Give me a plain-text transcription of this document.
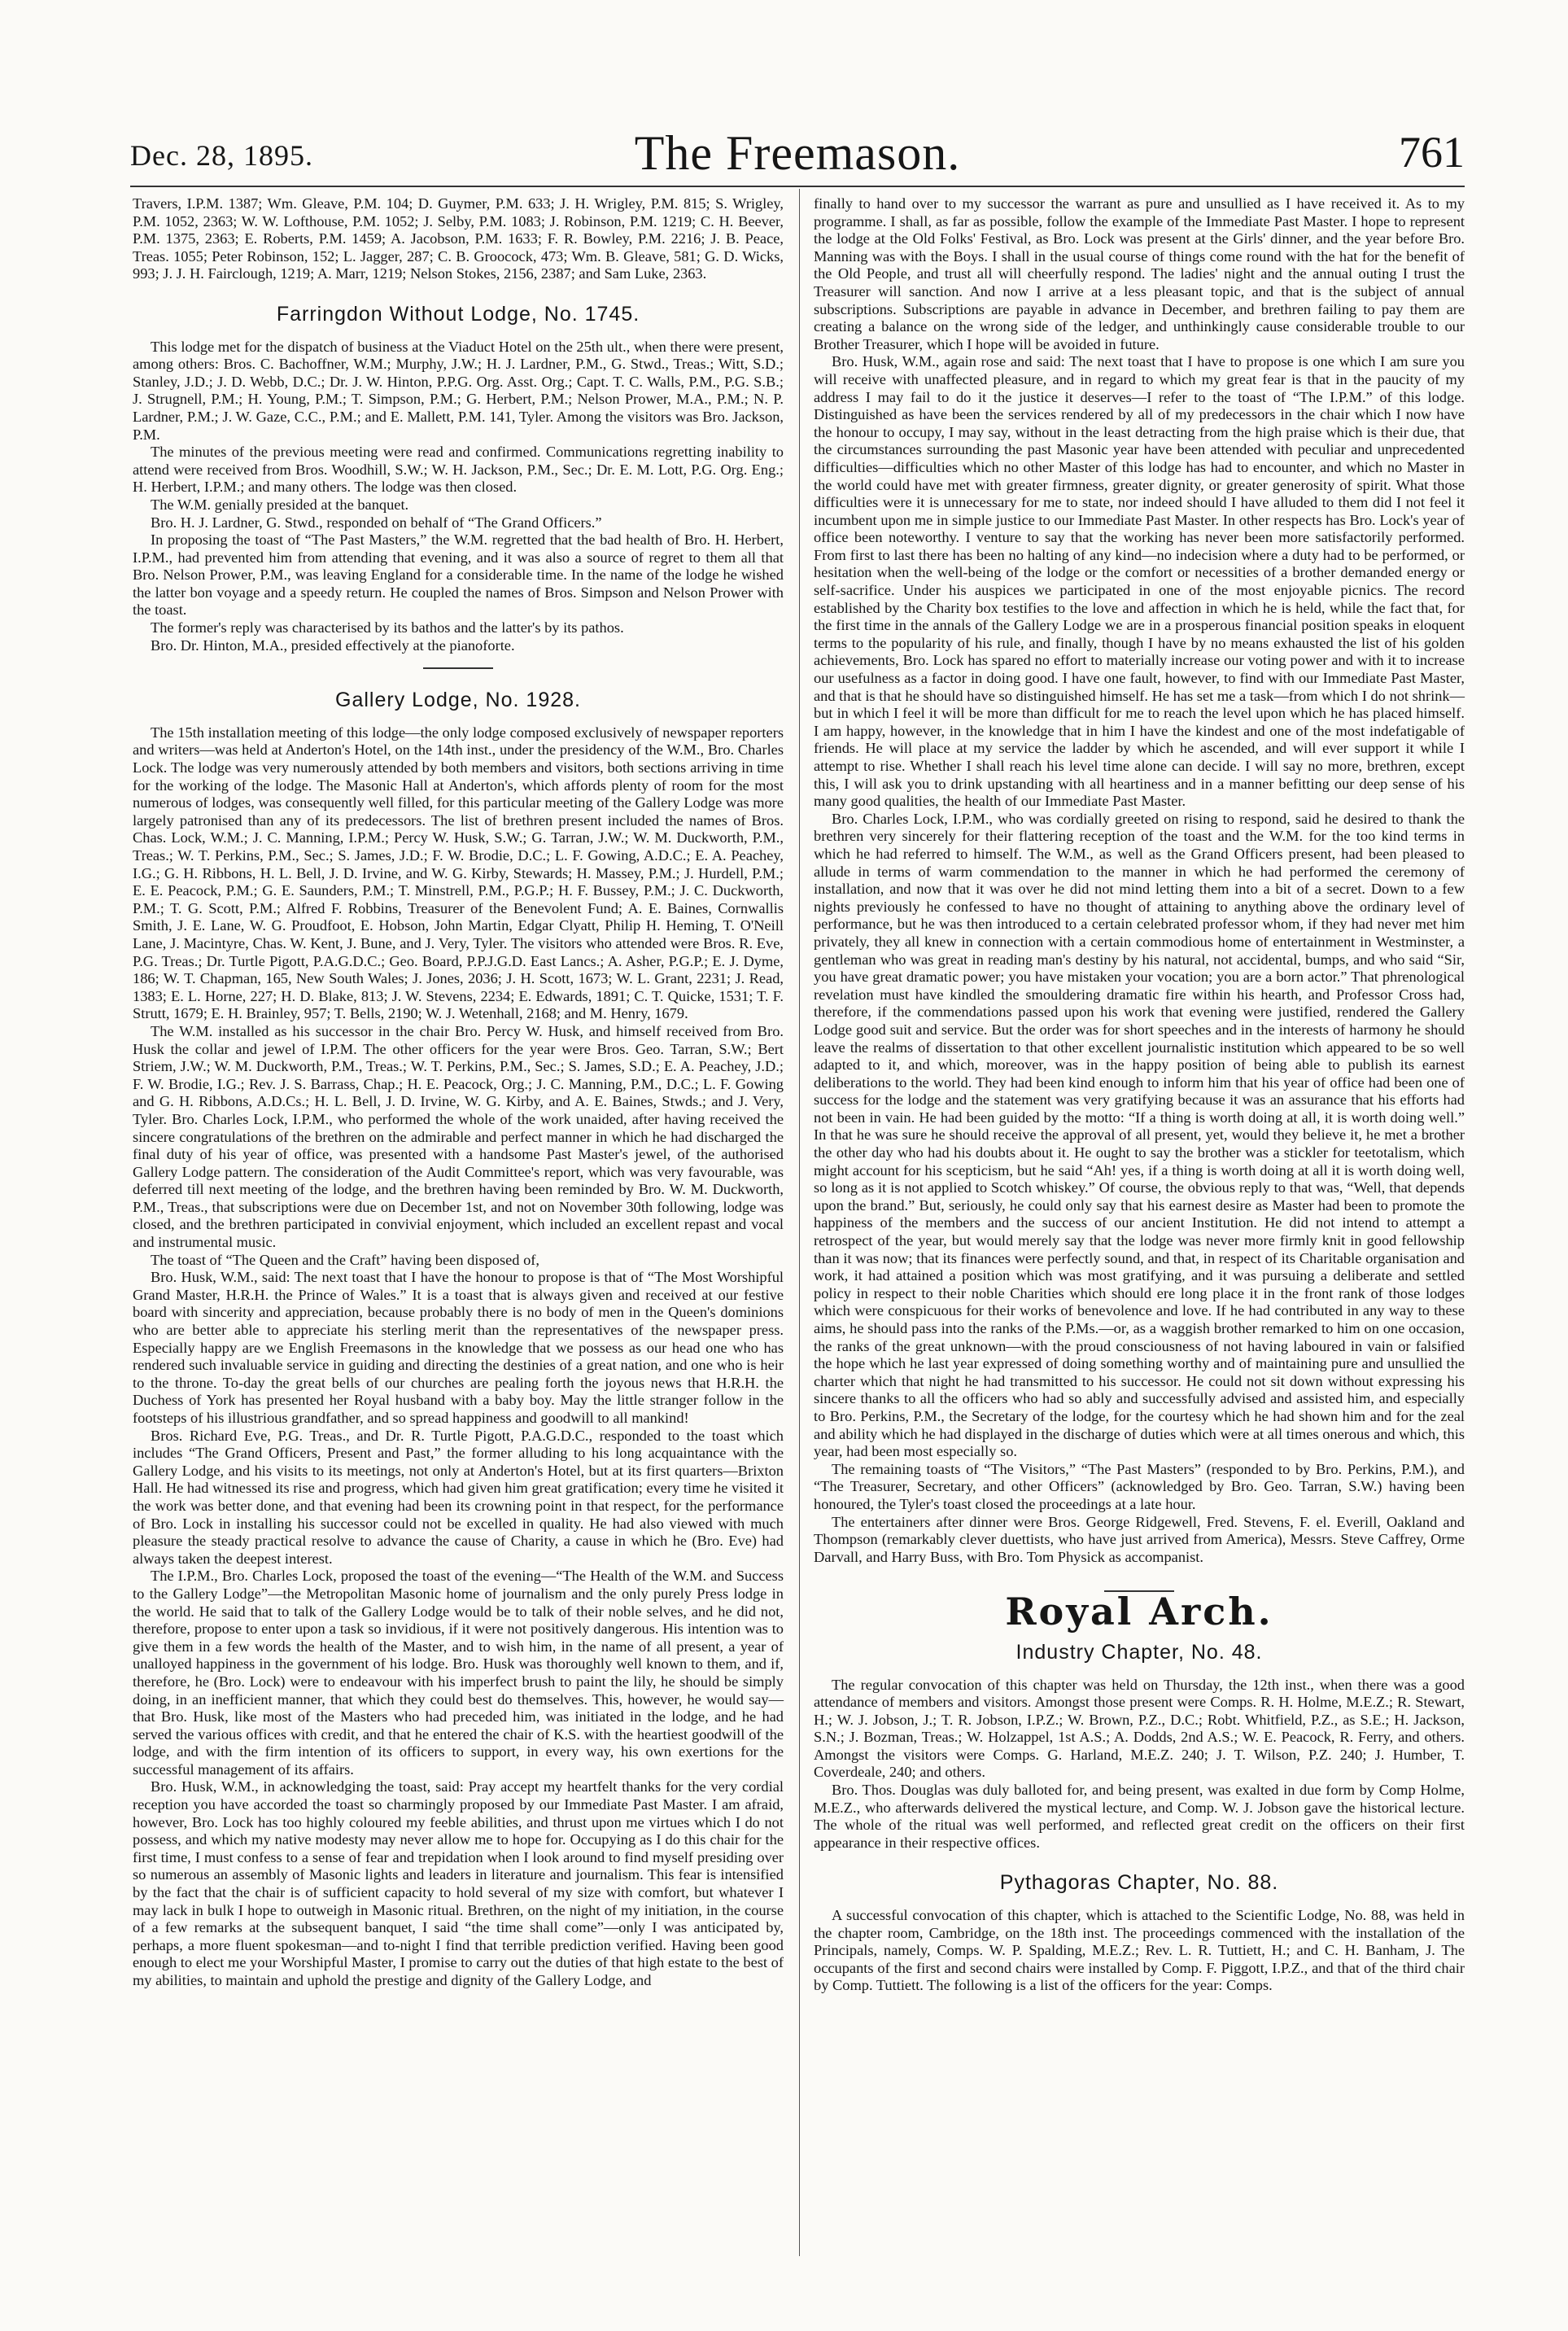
Dec. 28, 1895.	The Freemason.	761

Travers, I.P.M. 1387; Wm. Gleave, P.M. 104; D. Guymer, P.M. 633; J. H. Wrigley, P.M. 815; S. Wrigley, P.M. 1052, 2363; W. W. Lofthouse, P.M. 1052; J. Selby, P.M. 1083; J. Robinson, P.M. 1219; C. H. Beever, P.M. 1375, 2363; E. Roberts, P.M. 1459; A. Jacobson, P.M. 1633; F. R. Bowley, P.M. 2216; J. B. Peace, Treas. 1055; Peter Robinson, 152; L. Jagger, 287; C. B. Groocock, 473; Wm. B. Gleave, 581; G. D. Wicks, 993; J. J. H. Fairclough, 1219; A. Marr, 1219; Nelson Stokes, 2156, 2387; and Sam Luke, 2363.

Farringdon Without Lodge, No. 1745.

This lodge met for the dispatch of business at the Viaduct Hotel on the 25th ult., when there were present, among others: Bros. C. Bachoffner, W.M.; Murphy, J.W.; H. J. Lardner, P.M., G. Stwd., Treas.; Witt, S.D.; Stanley, J.D.; J. D. Webb, D.C.; Dr. J. W. Hinton, P.P.G. Org. Asst. Org.; Capt. T. C. Walls, P.M., P.G. S.B.; J. Strugnell, P.M.; H. Young, P.M.; T. Simpson, P.M.; G. Herbert, P.M.; Nelson Prower, M.A., P.M.; N. P. Lardner, P.M.; J. W. Gaze, C.C., P.M.; and E. Mallett, P.M. 141, Tyler. Among the visitors was Bro. Jackson, P.M.

The minutes of the previous meeting were read and confirmed. Communications regretting inability to attend were received from Bros. Woodhill, S.W.; W. H. Jackson, P.M., Sec.; Dr. E. M. Lott, P.G. Org. Eng.; H. Herbert, I.P.M.; and many others. The lodge was then closed.

The W.M. genially presided at the banquet.

Bro. H. J. Lardner, G. Stwd., responded on behalf of “The Grand Officers.”

In proposing the toast of “The Past Masters,” the W.M. regretted that the bad health of Bro. H. Herbert, I.P.M., had prevented him from attending that evening, and it was also a source of regret to them all that Bro. Nelson Prower, P.M., was leaving England for a considerable time. In the name of the lodge he wished the latter bon voyage and a speedy return. He coupled the names of Bros. Simpson and Nelson Prower with the toast.

The former's reply was characterised by its bathos and the latter's by its pathos.

Bro. Dr. Hinton, M.A., presided effectively at the pianoforte.

Gallery Lodge, No. 1928.

The 15th installation meeting of this lodge—the only lodge composed exclusively of newspaper reporters and writers—was held at Anderton's Hotel, on the 14th inst., under the presidency of the W.M., Bro. Charles Lock. The lodge was very numerously attended by both members and visitors, both sections arriving in time for the working of the lodge. The Masonic Hall at Anderton's, which affords plenty of room for the most numerous of lodges, was consequently well filled, for this particular meeting of the Gallery Lodge was more largely patronised than any of its predecessors. The list of brethren present included the names of Bros. Chas. Lock, W.M.; J. C. Manning, I.P.M.; Percy W. Husk, S.W.; G. Tarran, J.W.; W. M. Duckworth, P.M., Treas.; W. T. Perkins, P.M., Sec.; S. James, J.D.; F. W. Brodie, D.C.; L. F. Gowing, A.D.C.; E. A. Peachey, I.G.; G. H. Ribbons, H. L. Bell, J. D. Irvine, and W. G. Kirby, Stewards; H. Massey, P.M.; J. Hurdell, P.M.; E. E. Peacock, P.M.; G. E. Saunders, P.M.; T. Minstrell, P.M., P.G.P.; H. F. Bussey, P.M.; J. C. Duckworth, P.M.; T. G. Scott, P.M.; Alfred F. Robbins, Treasurer of the Benevolent Fund; A. E. Baines, Cornwallis Smith, J. E. Lane, W. G. Proudfoot, E. Hobson, John Martin, Edgar Clyatt, Philip H. Heming, T. O'Neill Lane, J. Macintyre, Chas. W. Kent, J. Bune, and J. Very, Tyler. The visitors who attended were Bros. R. Eve, P.G. Treas.; Dr. Turtle Pigott, P.A.G.D.C.; Geo. Board, P.P.J.G.D. East Lancs.; A. Asher, P.G.P.; E. J. Dyme, 186; W. T. Chapman, 165, New South Wales; J. Jones, 2036; J. H. Scott, 1673; W. L. Grant, 2231; J. Read, 1383; E. L. Horne, 227; H. D. Blake, 813; J. W. Stevens, 2234; E. Edwards, 1891; C. T. Quicke, 1531; T. F. Strutt, 1679; E. H. Brainley, 957; T. Bells, 2190; W. J. Wetenhall, 2168; and M. Henry, 1679.

The W.M. installed as his successor in the chair Bro. Percy W. Husk, and himself received from Bro. Husk the collar and jewel of I.P.M. The other officers for the year were Bros. Geo. Tarran, S.W.; Bert Striem, J.W.; W. M. Duckworth, P.M., Treas.; W. T. Perkins, P.M., Sec.; S. James, S.D.; E. A. Peachey, J.D.; F. W. Brodie, I.G.; Rev. J. S. Barrass, Chap.; H. E. Peacock, Org.; J. C. Manning, P.M., D.C.; L. F. Gowing and G. H. Ribbons, A.D.Cs.; H. L. Bell, J. D. Irvine, W. G. Kirby, and A. E. Baines, Stwds.; and J. Very, Tyler. Bro. Charles Lock, I.P.M., who performed the whole of the work unaided, after having received the sincere congratulations of the brethren on the admirable and perfect manner in which he had discharged the final duty of his year of office, was presented with a handsome Past Master's jewel, of the authorised Gallery Lodge pattern. The consideration of the Audit Committee's report, which was very favourable, was deferred till next meeting of the lodge, and the brethren having been reminded by Bro. W. M. Duckworth, P.M., Treas., that subscriptions were due on December 1st, and not on November 30th following, lodge was closed, and the brethren participated in convivial enjoyment, which included an excellent repast and vocal and instrumental music.

The toast of “The Queen and the Craft” having been disposed of,

Bro. Husk, W.M., said: The next toast that I have the honour to propose is that of “The Most Worshipful Grand Master, H.R.H. the Prince of Wales.” It is a toast that is always given and received at our festive board with sincerity and appreciation, because probably there is no body of men in the Queen's dominions who are better able to appreciate his sterling merit than the representatives of the newspaper press. Especially happy are we English Freemasons in the knowledge that we possess as our head one who has rendered such invaluable service in guiding and directing the destinies of a great nation, and one who is heir to the throne. To-day the great bells of our churches are pealing forth the joyous news that H.R.H. the Duchess of York has presented her Royal husband with a baby boy. May the little stranger follow in the footsteps of his illustrious grandfather, and so spread happiness and goodwill to all mankind!

Bros. Richard Eve, P.G. Treas., and Dr. R. Turtle Pigott, P.A.G.D.C., responded to the toast which includes “The Grand Officers, Present and Past,” the former alluding to his long acquaintance with the Gallery Lodge, and his visits to its meetings, not only at Anderton's Hotel, but at its first quarters—Brixton Hall. He had witnessed its rise and progress, which had given him great gratification; every time he visited it the work was better done, and that evening had been its crowning point in that respect, for the performance of Bro. Lock in installing his successor could not be excelled in quality. He had also viewed with much pleasure the steady practical resolve to advance the cause of Charity, a cause in which he (Bro. Eve) had always taken the deepest interest.

The I.P.M., Bro. Charles Lock, proposed the toast of the evening—“The Health of the W.M. and Success to the Gallery Lodge”—the Metropolitan Masonic home of journalism and the only purely Press lodge in the world. He said that to talk of the Gallery Lodge would be to talk of their noble selves, and he did not, therefore, propose to enter upon a task so invidious, if it were not positively dangerous. His intention was to give them in a few words the health of the Master, and to wish him, in the name of all present, a year of unalloyed happiness in the government of his lodge. Bro. Husk was thoroughly well known to them, and if, therefore, he (Bro. Lock) were to endeavour with his imperfect brush to paint the lily, he should be simply doing, in an inefficient manner, that which they could best do themselves. This, however, he would say—that Bro. Husk, like most of the Masters who had preceded him, was initiated in the lodge, and he had served the various offices with credit, and that he entered the chair of K.S. with the heartiest goodwill of the lodge, and with the firm intention of its officers to support, in every way, his own exertions for the successful management of its affairs.

Bro. Husk, W.M., in acknowledging the toast, said: Pray accept my heartfelt thanks for the very cordial reception you have accorded the toast so charmingly proposed by our Immediate Past Master. I am afraid, however, Bro. Lock has too highly coloured my feeble abilities, and thrust upon me virtues which I do not possess, and which my native modesty may never allow me to hope for. Occupying as I do this chair for the first time, I must confess to a sense of fear and trepidation when I look around to find myself presiding over so numerous an assembly of Masonic lights and leaders in literature and journalism. This fear is intensified by the fact that the chair is of sufficient capacity to hold several of my size with comfort, but whatever I may lack in bulk I hope to outweigh in Masonic ritual. Brethren, on the night of my initiation, in the course of a few remarks at the subsequent banquet, I said “the time shall come”—only I was anticipated by, perhaps, a more fluent spokesman—and to-night I find that terrible prediction verified. Having been good enough to elect me your Worshipful Master, I promise to carry out the duties of that high estate to the best of my abilities, to maintain and uphold the prestige and dignity of the Gallery Lodge, and

finally to hand over to my successor the warrant as pure and unsullied as I have received it. As to my programme. I shall, as far as possible, follow the example of the Immediate Past Master. I hope to represent the lodge at the Old Folks' Festival, as Bro. Lock was present at the Girls' dinner, and the year before Bro. Manning was with the Boys. I shall in the usual course of things come round with the hat for the benefit of the Old People, and trust all will cheerfully respond. The ladies' night and the annual outing I trust the Treasurer will sanction. And now I arrive at a less pleasant topic, and that is the subject of annual subscriptions. Subscriptions are payable in advance in December, and brethren failing to pay them are creating a balance on the wrong side of the ledger, and unthinkingly cause considerable trouble to our Brother Treasurer, which I hope will be avoided in future.

Bro. Husk, W.M., again rose and said: The next toast that I have to propose is one which I am sure you will receive with unaffected pleasure, and in regard to which my great fear is that in the paucity of my address I may fail to do it the justice it deserves—I refer to the toast of “The I.P.M.” of this lodge. Distinguished as have been the services rendered by all of my predecessors in the chair which I now have the honour to occupy, I may say, without in the least detracting from the high praise which is their due, that the circumstances surrounding the past Masonic year have been attended with peculiar and unprecedented difficulties—difficulties which no other Master of this lodge has had to encounter, and which no Master in the world could have met with greater firmness, greater dignity, or greater generosity of spirit. What those difficulties were it is unnecessary for me to state, nor indeed should I have alluded to them did I not feel it incumbent upon me in simple justice to our Immediate Past Master. In other respects has Bro. Lock's year of office been noteworthy. I venture to say that the working has never been more satisfactorily performed. From first to last there has been no halting of any kind—no indecision where a duty had to be performed, or hesitation when the well-being of the lodge or the comfort or necessities of a brother demanded energy or self-sacrifice. Under his auspices we participated in one of the most enjoyable picnics. The record established by the Charity box testifies to the love and affection in which he is held, while the fact that, for the first time in the annals of the Gallery Lodge we are in a prosperous financial position speaks in eloquent terms to the popularity of his rule, and finally, though I have by no means exhausted the list of his golden achievements, Bro. Lock has spared no effort to materially increase our voting power and with it to increase our usefulness as a factor in doing good. I have one fault, however, to find with our Immediate Past Master, and that is that he should have so distinguished himself. He has set me a task—from which I do not shrink—but in which I feel it will be more than difficult for me to reach the level upon which he has placed himself. I am happy, however, in the knowledge that in him I have the kindest and one of the most indefatigable of friends. He will place at my service the ladder by which he ascended, and will ever support it while I attempt to rise. Whether I shall reach his level time alone can decide. I will say no more, brethren, except this, I will ask you to drink upstanding with all heartiness and in a manner befitting our deep sense of his many good qualities, the health of our Immediate Past Master.

Bro. Charles Lock, I.P.M., who was cordially greeted on rising to respond, said he desired to thank the brethren very sincerely for their flattering reception of the toast and the W.M. for the too kind terms in which he had referred to himself. The W.M., as well as the Grand Officers present, had been pleased to allude in terms of warm commendation to the manner in which he had performed the ceremony of installation, and now that it was over he did not mind letting them into a bit of a secret. Down to a few nights previously he confessed to have no thought of attaining to anything above the ordinary level of performance, but he was then introduced to a certain celebrated professor whom, if they had never met him privately, they all knew in connection with a certain commodious home of entertainment in Westminster, a gentleman who was great in reading man's destiny by his natural, not accidental, bumps, and who said “Sir, you have great dramatic power; you have mistaken your vocation; you are a born actor.” That phrenological revelation must have kindled the smouldering dramatic fire within his hearth, and Professor Cross had, therefore, if the commendations passed upon his work that evening were justified, rendered the Gallery Lodge good suit and service. But the order was for short speeches and in the interests of harmony he should leave the realms of dissertation to that other excellent journalistic institution which appeared to be so well adapted to it, and which, moreover, was in the happy position of being able to publish its earnest deliberations to the world. They had been kind enough to inform him that his year of office had been one of success for the lodge and the statement was very gratifying because it was an assurance that his efforts had not been in vain. He had been guided by the motto: “If a thing is worth doing at all, it is worth doing well.” In that he was sure he should receive the approval of all present, yet, would they believe it, he met a brother the other day who had his doubts about it. He ought to say the brother was a stickler for teetotalism, which might account for his scepticism, but he said “Ah! yes, if a thing is worth doing at all it is worth doing well, so long as it is not applied to Scotch whiskey.” Of course, the obvious reply to that was, “Well, that depends upon the brand.” But, seriously, he could only say that his earnest desire as Master had been to promote the happiness of the members and the success of our ancient Institution. He did not intend to attempt a retrospect of the year, but would merely say that the lodge was never more firmly knit in good fellowship than it was now; that its finances were perfectly sound, and that, in respect of its Charitable organisation and work, it had attained a position which was most gratifying, and it was pursuing a deliberate and settled policy in respect to their noble Charities which should ere long place it in the front rank of those lodges which were conspicuous for their works of benevolence and love. If he had contributed in any way to these aims, he should pass into the ranks of the P.Ms.—or, as a waggish brother remarked to him on one occasion, the ranks of the great unknown—with the proud consciousness of not having laboured in vain or falsified the hope which he last year expressed of doing something worthy and of maintaining pure and unsullied the charter which that night he had transmitted to his successor. He could not sit down without expressing his sincere thanks to all the officers who had so ably and successfully advised and assisted him, and especially to Bro. Perkins, P.M., the Secretary of the lodge, for the courtesy which he had shown him and for the zeal and ability which he had displayed in the discharge of duties which were at all times onerous and which, this year, had been most especially so.

The remaining toasts of “The Visitors,” “The Past Masters” (responded to by Bro. Perkins, P.M.), and “The Treasurer, Secretary, and other Officers” (acknowledged by Bro. Geo. Tarran, S.W.) having been honoured, the Tyler's toast closed the proceedings at a late hour.

The entertainers after dinner were Bros. George Ridgewell, Fred. Stevens, F. el. Everill, Oakland and Thompson (remarkably clever duettists, who have just arrived from America), Messrs. Steve Caffrey, Orme Darvall, and Harry Buss, with Bro. Tom Physick as accompanist.

Royal Arch.
Industry Chapter, No. 48.

The regular convocation of this chapter was held on Thursday, the 12th inst., when there was a good attendance of members and visitors. Amongst those present were Comps. R. H. Holme, M.E.Z.; R. Stewart, H.; W. J. Jobson, J.; T. R. Jobson, I.P.Z.; W. Brown, P.Z., D.C.; Robt. Whitfield, P.Z., as S.E.; H. Jackson, S.N.; J. Bozman, Treas.; W. Holzappel, 1st A.S.; A. Dodds, 2nd A.S.; W. E. Peacock, R. Ferry, and others. Amongst the visitors were Comps. G. Harland, M.E.Z. 240; J. T. Wilson, P.Z. 240; J. Humber, T. Coverdeale, 240; and others.

Bro. Thos. Douglas was duly balloted for, and being present, was exalted in due form by Comp Holme, M.E.Z., who afterwards delivered the mystical lecture, and Comp. W. J. Jobson gave the historical lecture. The whole of the ritual was well performed, and reflected great credit on the officers on their first appearance in their respective offices.

Pythagoras Chapter, No. 88.

A successful convocation of this chapter, which is attached to the Scientific Lodge, No. 88, was held in the chapter room, Cambridge, on the 18th inst. The proceedings commenced with the installation of the Principals, namely, Comps. W. P. Spalding, M.E.Z.; Rev. L. R. Tuttiett, H.; and C. H. Banham, J. The occupants of the first and second chairs were installed by Comp. F. Piggott, I.P.Z., and that of the third chair by Comp. Tuttiett. The following is a list of the officers for the year: Comps.
